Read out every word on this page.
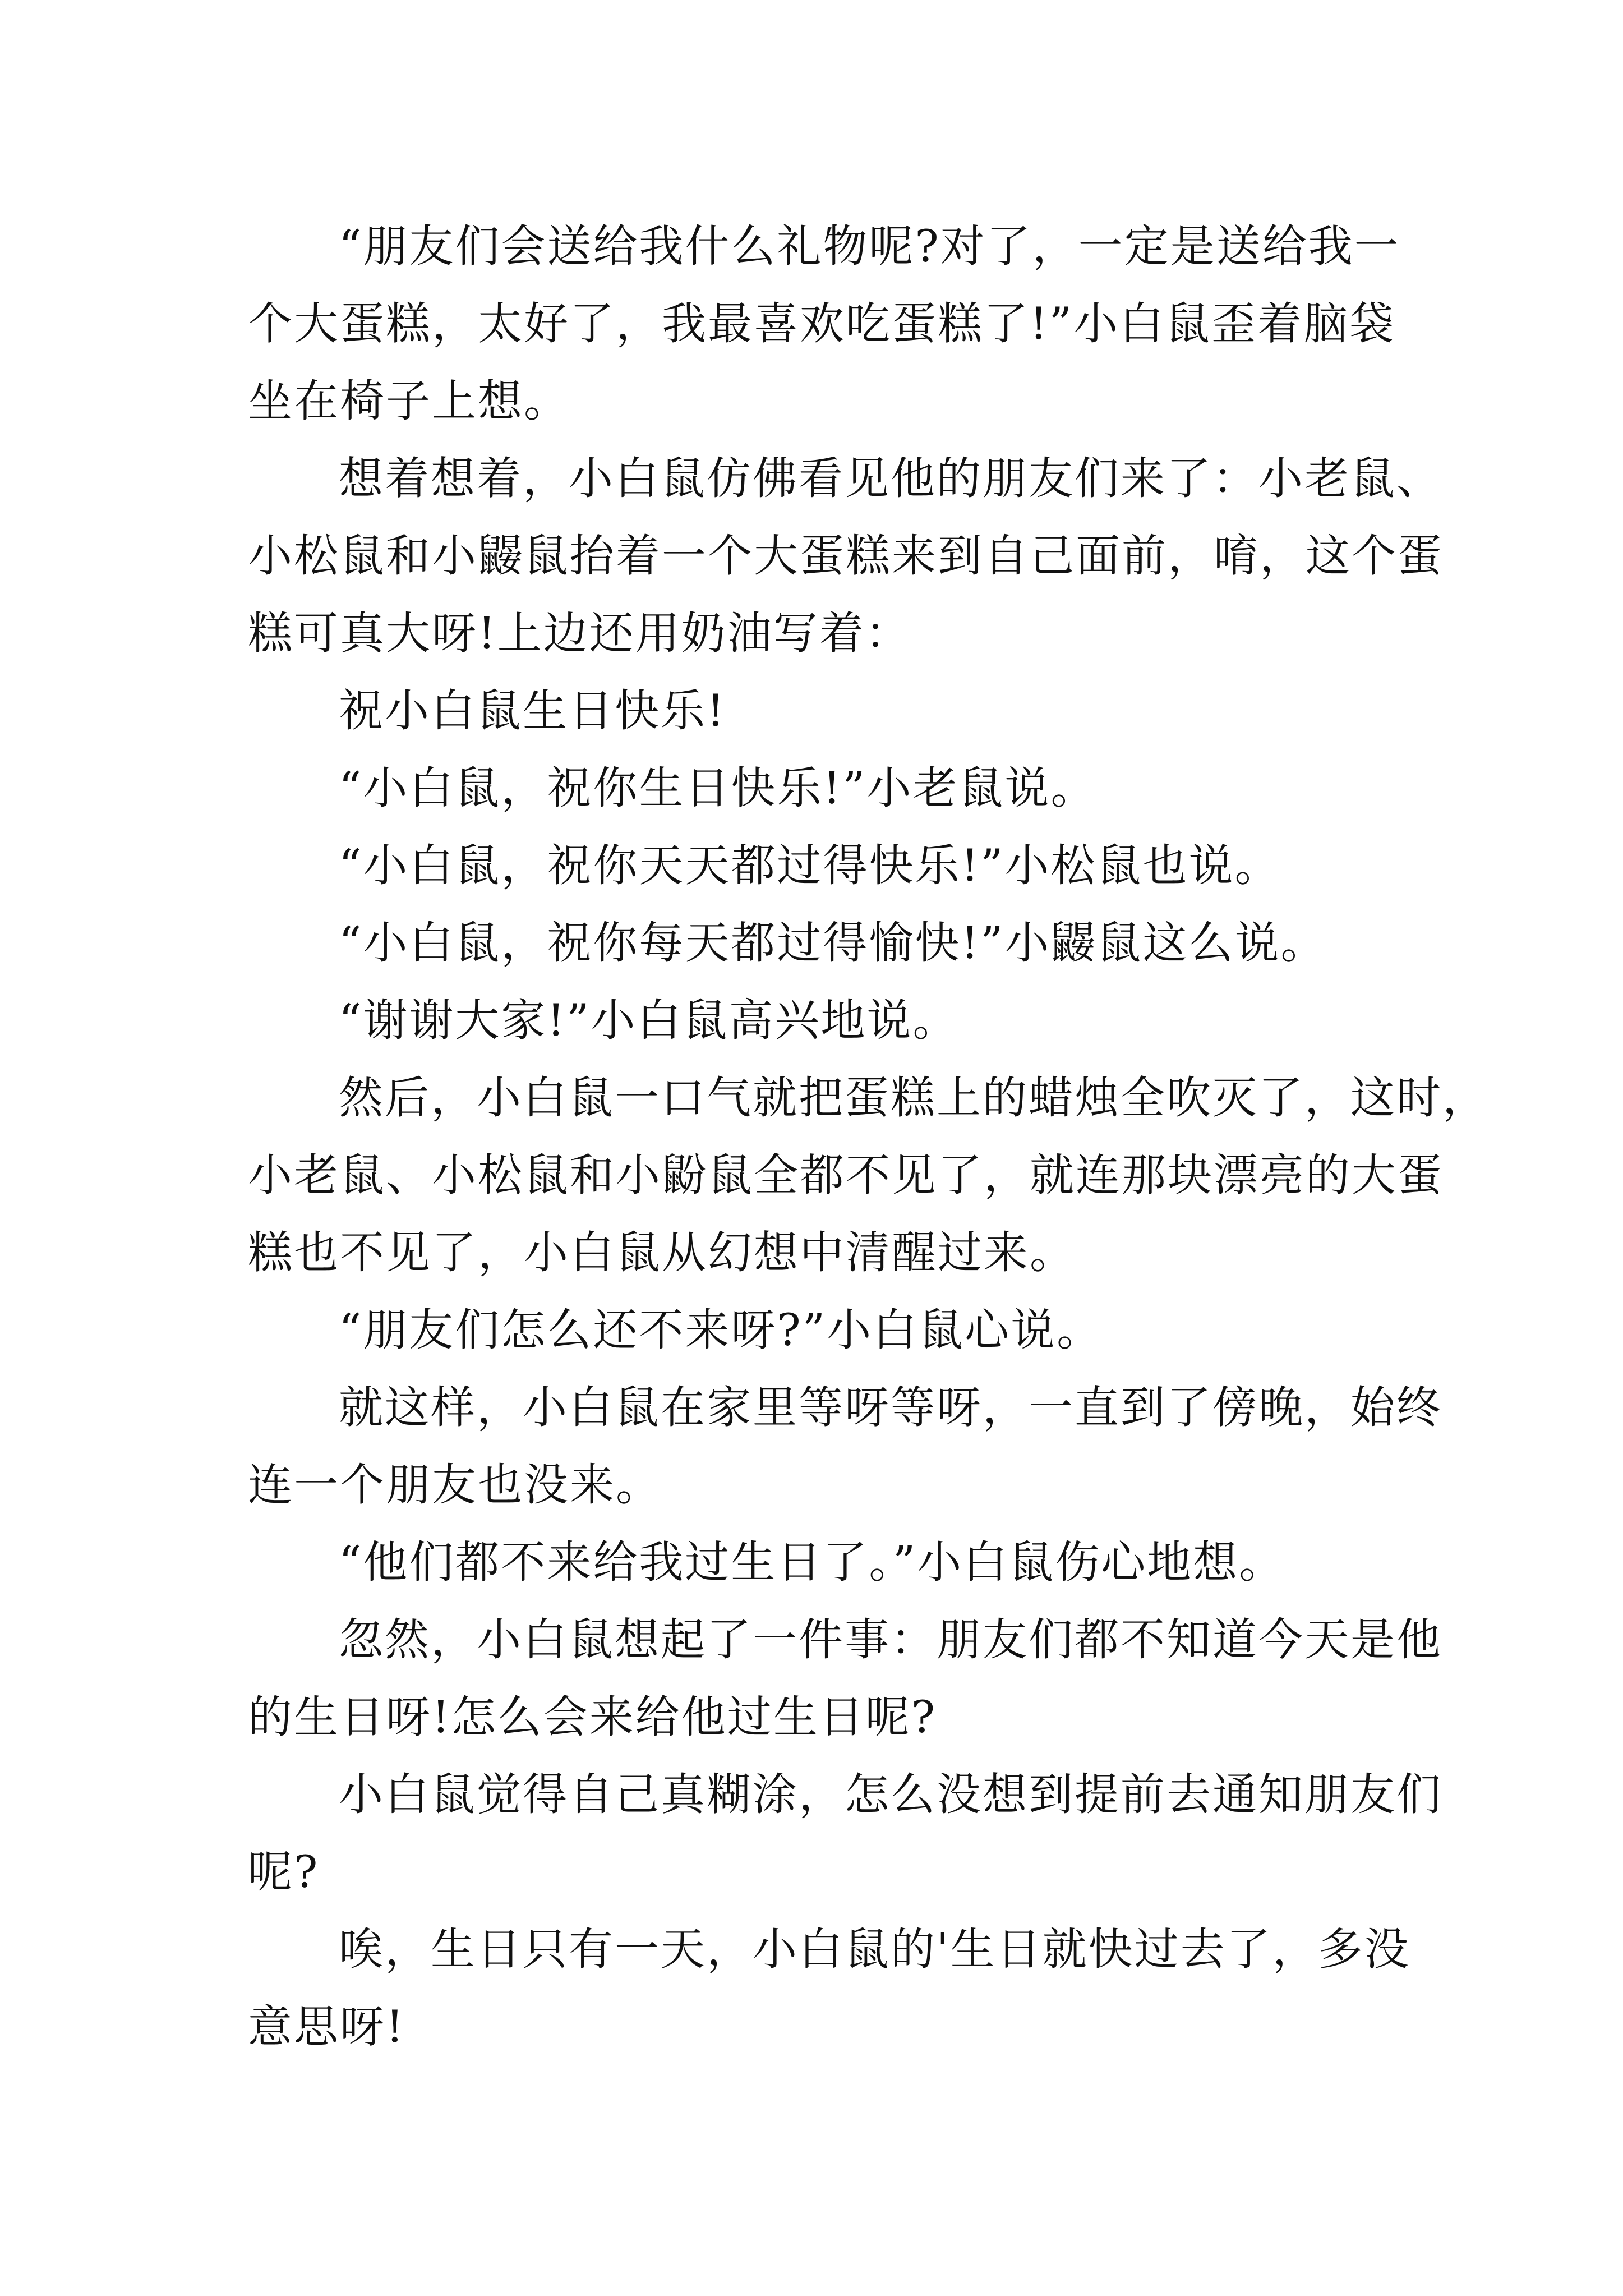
“朋友们会送给我什么礼物呢?对了，一定是送给我一
个大蛋糕，太好了，我最喜欢吃蛋糕了!”小白鼠歪着脑袋
坐在椅子上想。

想着想着，小白鼠仿佛看见他的朋友们来了：小老鼠、
小松鼠和小鼹鼠抬着一个大蛋糕来到自己面前，唷，这个蛋
糕可真大呀!上边还用奶油写着：

祝小白鼠生日快乐!

“小白鼠，祝你生日快乐!”小老鼠说。

“小白鼠，祝你天天都过得快乐!”小松鼠也说。

“小白鼠，祝你每天都过得愉快!”小鼹鼠这么说。

“谢谢大家!”小白鼠高兴地说。

然后，小白鼠一口气就把蛋糕上的蜡烛全吹灭了，这时，
小老鼠、小松鼠和小鼢鼠全都不见了，就连那块漂亮的大蛋
糕也不见了，小白鼠从幻想中清醒过来。

“朋友们怎么还不来呀?”小白鼠心说。

就这样，小白鼠在家里等呀等呀，一直到了傍晚，始终
连一个朋友也没来。

“他们都不来给我过生日了。”小白鼠伤心地想。

忽然，小白鼠想起了一件事：朋友们都不知道今天是他
的生日呀!怎么会来给他过生日呢?

小白鼠觉得自己真糊涂，怎么没想到提前去通知朋友们
呢?

唉，生日只有一天，小白鼠的'生日就快过去了，多没
意思呀!
